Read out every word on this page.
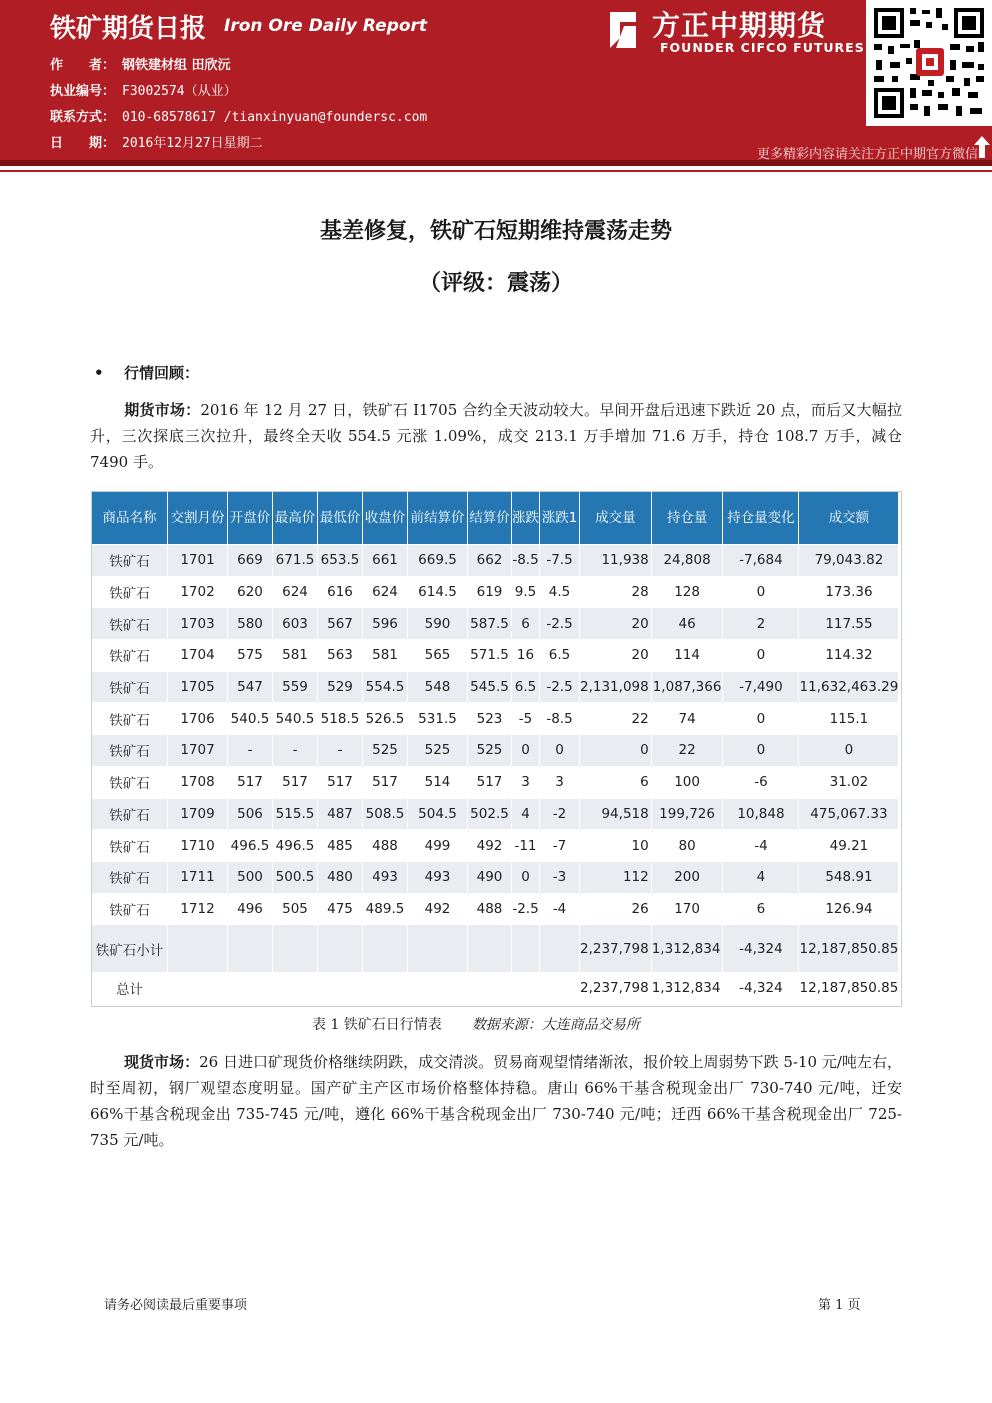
铁矿期货日报 Iron Ore Daily Report
作　　者： 钢铁建材组 田欣沅
执业编号： F3002574（从业）
联系方式： 010-68578617 /tianxinyuan@foundersc.com
日　　期： 2016年12月27日星期二
方正中期期货
FOUNDER CIFCO FUTURES
更多精彩内容请关注方正中期官方微信
基差修复，铁矿石短期维持震荡走势
（评级：震荡）
• 行情回顾：
期货市场：2016 年 12 月 27 日，铁矿石 I1705 合约全天波动较大。早间开盘后迅速下跌近 20 点，而后又大幅拉升，三次探底三次拉升，最终全天收 554.5 元涨 1.09%，成交 213.1 万手增加 71.6 万手，持仓 108.7 万手，减仓 7490 手。
商品名称	交割月份	开盘价	最高价	最低价	收盘价	前结算价	结算价	涨跌	涨跌1	成交量	持仓量	持仓量变化	成交额
铁矿石	1701	669	671.5	653.5	661	669.5	662	-8.5	-7.5	11,938	24,808	-7,684	79,043.82
铁矿石	1702	620	624	616	624	614.5	619	9.5	4.5	28	128	0	173.36
铁矿石	1703	580	603	567	596	590	587.5	6	-2.5	20	46	2	117.55
铁矿石	1704	575	581	563	581	565	571.5	16	6.5	20	114	0	114.32
铁矿石	1705	547	559	529	554.5	548	545.5	6.5	-2.5	2,131,098	1,087,366	-7,490	11,632,463.29
铁矿石	1706	540.5	540.5	518.5	526.5	531.5	523	-5	-8.5	22	74	0	115.1
铁矿石	1707	-	-	-	525	525	525	0	0	0	22	0	0
铁矿石	1708	517	517	517	517	514	517	3	3	6	100	-6	31.02
铁矿石	1709	506	515.5	487	508.5	504.5	502.5	4	-2	94,518	199,726	10,848	475,067.33
铁矿石	1710	496.5	496.5	485	488	499	492	-11	-7	10	80	-4	49.21
铁矿石	1711	500	500.5	480	493	493	490	0	-3	112	200	4	548.91
铁矿石	1712	496	505	475	489.5	492	488	-2.5	-4	26	170	6	126.94
铁矿石小计										2,237,798	1,312,834	-4,324	12,187,850.85
总计										2,237,798	1,312,834	-4,324	12,187,850.85
表 1 铁矿石日行情表 数据来源：大连商品交易所
现货市场：26 日进口矿现货价格继续阴跌，成交清淡。贸易商观望情绪渐浓，报价较上周弱势下跌 5-10 元/吨左右，时至周初，钢厂观望态度明显。国产矿主产区市场价格整体持稳。唐山 66%干基含税现金出厂 730-740 元/吨，迁安 66%干基含税现金出 735-745 元/吨，遵化 66%干基含税现金出厂 730-740 元/吨；迁西 66%干基含税现金出厂 725-735 元/吨。
请务必阅读最后重要事项	第 1 页
